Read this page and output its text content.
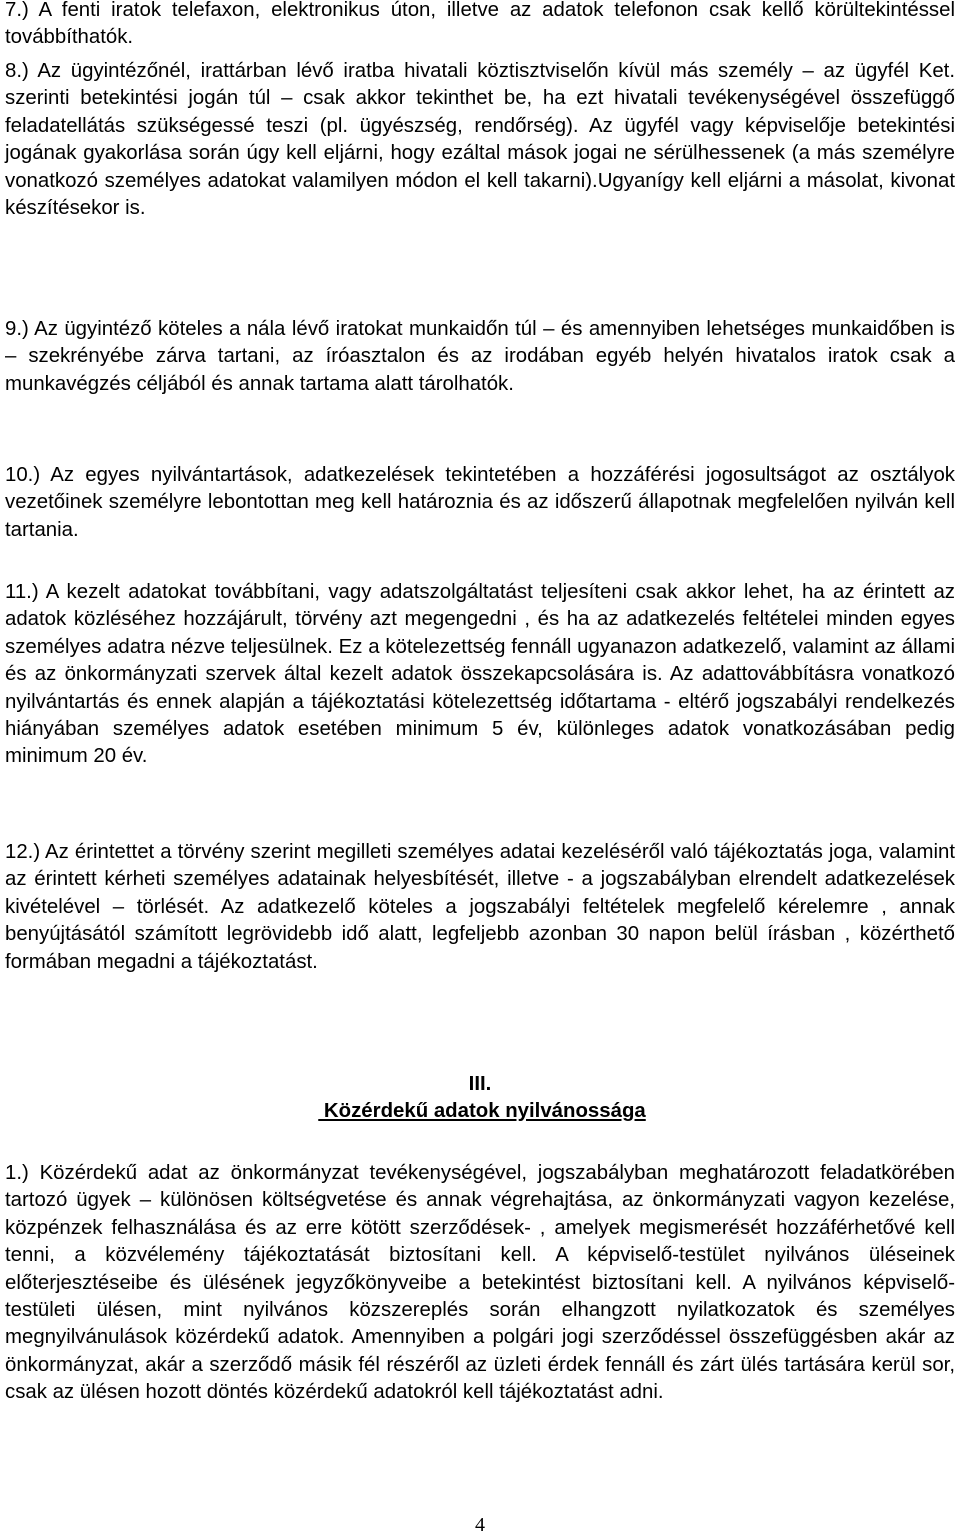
7.) A fenti iratok telefaxon, elektronikus úton, illetve az adatok telefonon csak kellő körültekintéssel továbbíthatók.

8.) Az ügyintézőnél, irattárban lévő iratba hivatali köztisztviselőn kívül más személy – az ügyfél Ket. szerinti betekintési jogán túl – csak akkor tekinthet be, ha ezt hivatali tevékenységével összefüggő feladatellátás szükségessé teszi (pl. ügyészség, rendőrség). Az ügyfél vagy képviselője betekintési jogának gyakorlása során úgy kell eljárni, hogy ezáltal mások jogai ne sérülhessenek (a más személyre vonatkozó személyes adatokat valamilyen módon el kell takarni).Ugyanígy kell eljárni a másolat, kivonat készítésekor is.

9.) Az ügyintéző köteles a nála lévő iratokat munkaidőn túl – és amennyiben lehetséges munkaidőben is – szekrényébe zárva tartani, az íróasztalon és az irodában egyéb helyén hivatalos iratok csak a munkavégzés céljából és annak tartama alatt tárolhatók.

10.) Az egyes nyilvántartások, adatkezelések tekintetében a hozzáférési jogosultságot az osztályok vezetőinek személyre lebontottan meg kell határoznia és az időszerű állapotnak megfelelően nyilván kell tartania.

11.) A kezelt adatokat továbbítani, vagy adatszolgáltatást teljesíteni csak akkor lehet, ha az érintett az adatok közléséhez hozzájárult, törvény azt megengedni , és ha az adatkezelés feltételei minden egyes személyes adatra nézve teljesülnek. Ez a kötelezettség fennáll ugyanazon adatkezelő, valamint az állami és az önkormányzati szervek által kezelt adatok összekapcsolására is. Az adattovábbításra vonatkozó nyilvántartás és ennek alapján a tájékoztatási kötelezettség időtartama - eltérő jogszabályi rendelkezés hiányában személyes adatok esetében minimum 5 év, különleges adatok vonatkozásában pedig minimum 20 év.

12.) Az érintettet a törvény szerint megilleti személyes adatai kezeléséről való tájékoztatás joga, valamint az érintett kérheti személyes adatainak helyesbítését, illetve - a jogszabályban elrendelt adatkezelések kivételével – törlését. Az adatkezelő köteles a jogszabályi feltételek megfelelő kérelemre , annak benyújtásától számított legrövidebb idő alatt, legfeljebb azonban 30 napon belül írásban , közérthető formában megadni a tájékoztatást.

III.
Közérdekű adatok nyilvánossága

1.) Közérdekű adat az önkormányzat tevékenységével, jogszabályban meghatározott feladatkörében tartozó ügyek – különösen költségvetése és annak végrehajtása, az önkormányzati vagyon kezelése, közpénzek felhasználása és az erre kötött szerződések- , amelyek megismerését hozzáférhetővé kell tenni, a közvélemény tájékoztatását biztosítani kell. A képviselő-testület nyilvános üléseinek előterjesztéseibe és ülésének jegyzőkönyveibe a betekintést biztosítani kell. A nyilvános képviselő-testületi ülésen, mint nyilvános közszereplés során elhangzott nyilatkozatok és személyes megnyilvánulások közérdekű adatok. Amennyiben a polgári jogi szerződéssel összefüggésben akár az önkormányzat, akár a szerződő másik fél részéről az üzleti érdek fennáll és zárt ülés tartására kerül sor, csak az ülésen hozott döntés közérdekű adatokról kell tájékoztatást adni.

4
